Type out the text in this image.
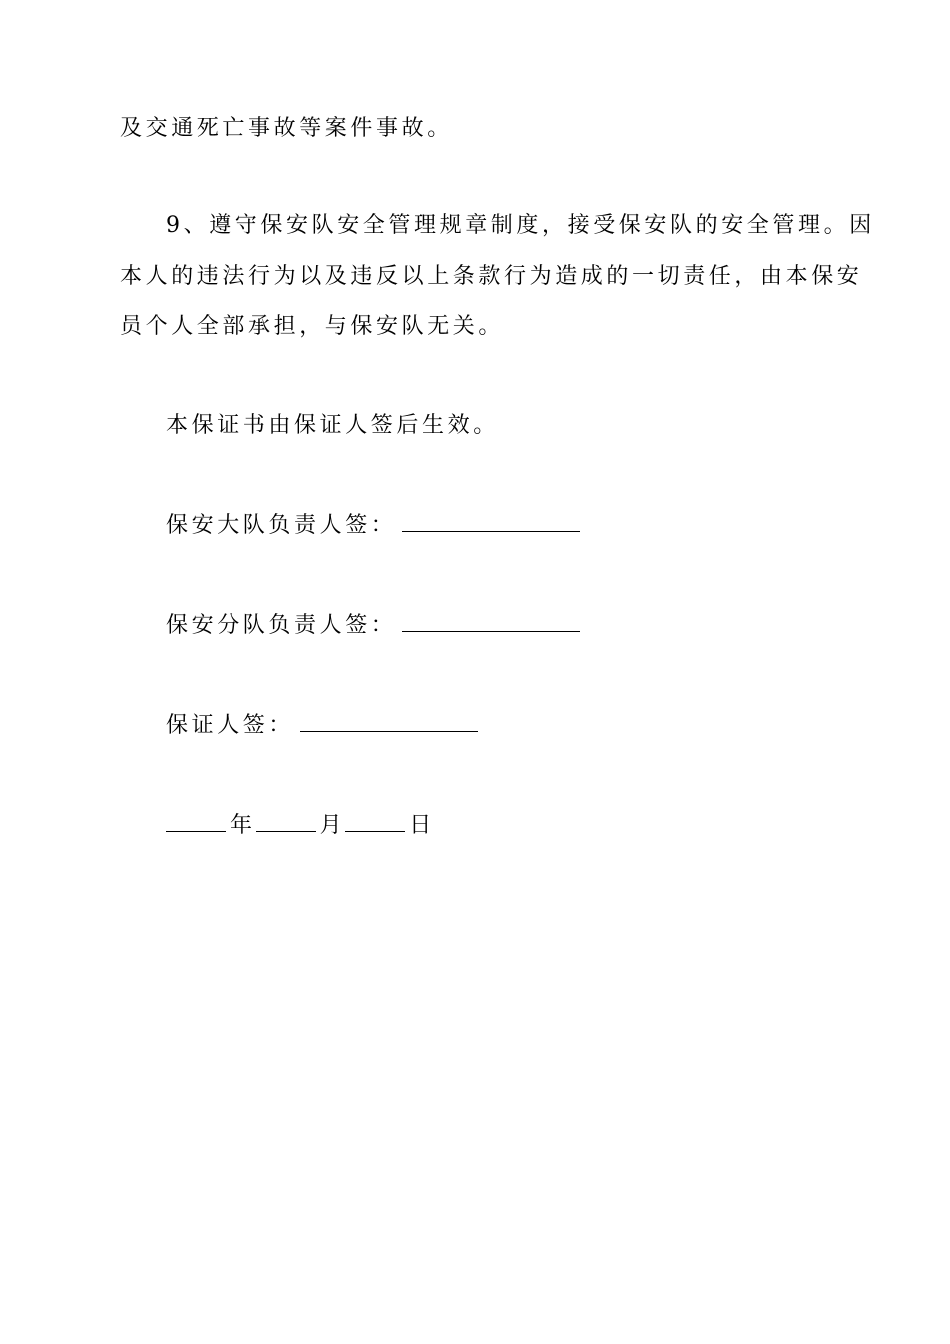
及交通死亡事故等案件事故。
9、遵守保安队安全管理规章制度，接受保安队的安全管理。因
本人的违法行为以及违反以上条款行为造成的一切责任，由本保安
员个人全部承担，与保安队无关。
本保证书由保证人签后生效。
保安大队负责人签：
保安分队负责人签：
保证人签：
年	月	日
